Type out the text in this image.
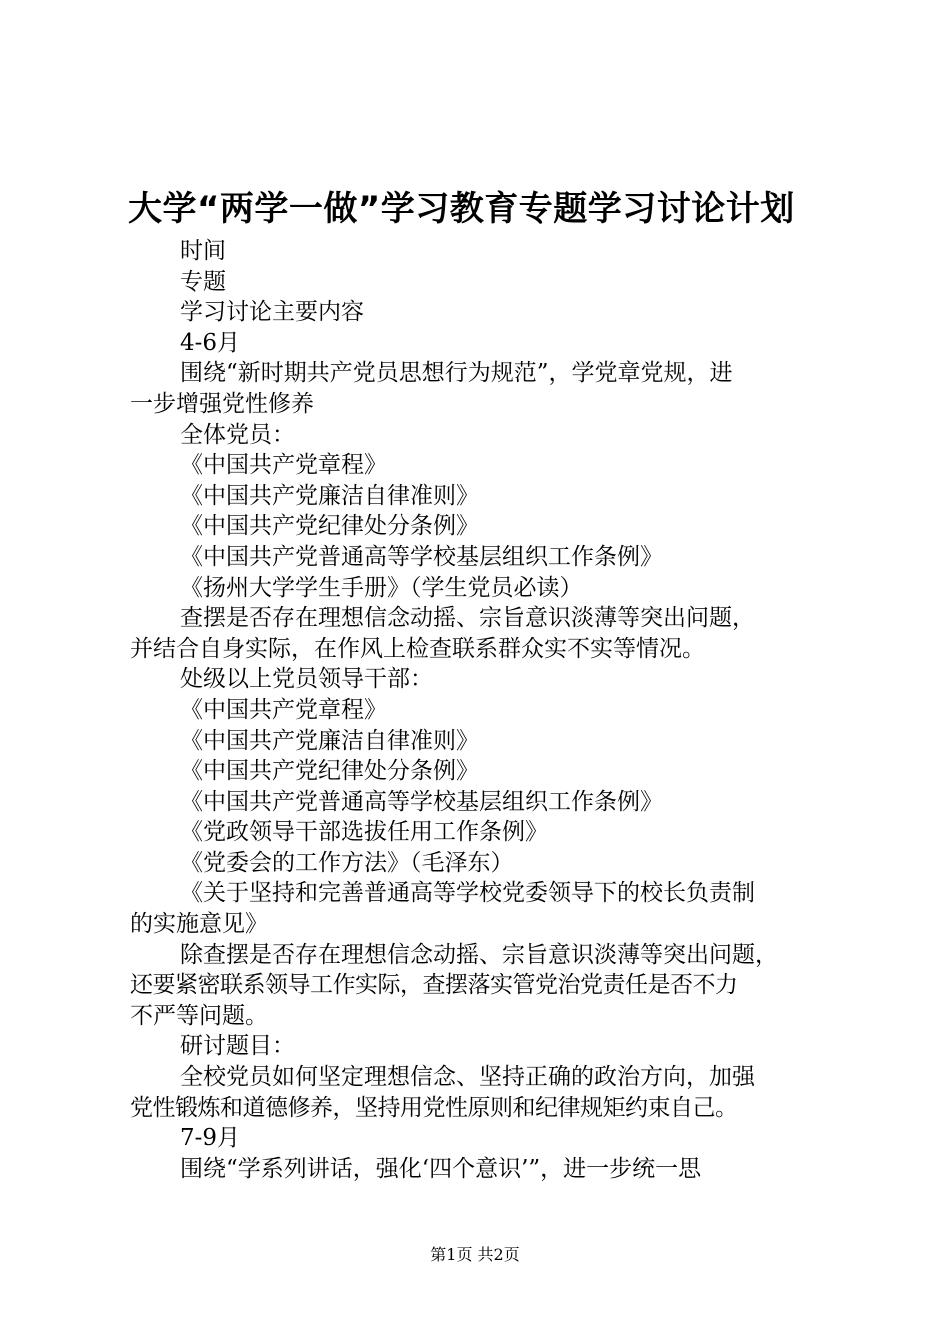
大学“两学一做”学习教育专题学习讨论计划
时间
专题
学习讨论主要内容
4-6月
围绕“新时期共产党员思想行为规范”，学党章党规，进
一步增强党性修养
全体党员：
《中国共产党章程》
《中国共产党廉洁自律准则》
《中国共产党纪律处分条例》
《中国共产党普通高等学校基层组织工作条例》
《扬州大学学生手册》（学生党员必读）
查摆是否存在理想信念动摇、宗旨意识淡薄等突出问题，
并结合自身实际，在作风上检查联系群众实不实等情况。
处级以上党员领导干部：
《中国共产党章程》
《中国共产党廉洁自律准则》
《中国共产党纪律处分条例》
《中国共产党普通高等学校基层组织工作条例》
《党政领导干部选拔任用工作条例》
《党委会的工作方法》（毛泽东）
《关于坚持和完善普通高等学校党委领导下的校长负责制
的实施意见》
除查摆是否存在理想信念动摇、宗旨意识淡薄等突出问题，
还要紧密联系领导工作实际，查摆落实管党治党责任是否不力
不严等问题。
研讨题目：
全校党员如何坚定理想信念、坚持正确的政治方向，加强
党性锻炼和道德修养，坚持用党性原则和纪律规矩约束自己。
7-9月
围绕“学系列讲话，强化‘四个意识’”，进一步统一思

第1页 共2页
